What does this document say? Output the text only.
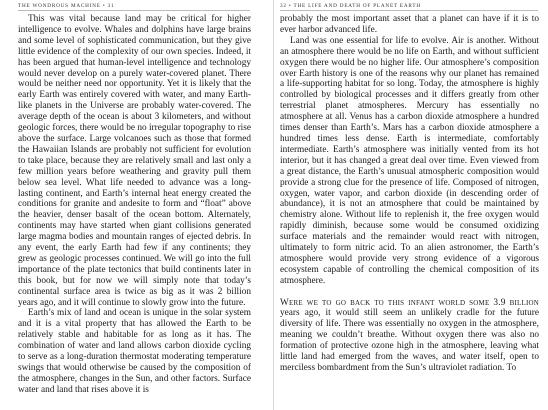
THE WONDROUS MACHINE • 31

This was vital because land may be critical for higher intelligence to evolve. Whales and dolphins have large brains and some level of sophisticated communication, but they give little evidence of the complexity of our own species. Indeed, it has been argued that human-level intelligence and technology would never develop on a purely water-covered planet. There would be neither need nor opportunity. Yet it is likely that the early Earth was entirely covered with water, and many Earth-like planets in the Universe are probably water-covered. The average depth of the ocean is about 3 kilometers, and without geologic forces, there would be no irregular topography to rise above the surface. Large volcanoes such as those that formed the Hawaiian Islands are probably not sufficient for evolution to take place, because they are relatively small and last only a few million years before weathering and gravity pull them below sea level. What life needed to advance was a long-lasting continent, and Earth’s internal heat energy created the conditions for granite and andesite to form and “float” above the heavier, denser basalt of the ocean bottom. Alternately, continents may have started when giant collisions generated large magma bodies and mountain ranges of ejected debris. In any event, the early Earth had few if any continents; they grew as geologic processes continued. We will go into the full importance of the plate tectonics that build continents later in this book, but for now we will simply note that today’s continental surface area is twice as big as it was 2 billion years ago, and it will continue to slowly grow into the future.

Earth’s mix of land and ocean is unique in the solar system and it is a vital property that has allowed the Earth to be relatively stable and habitable for as long as it has. The combination of water and land allows carbon dioxide cycling to serve as a long-duration thermostat moderating temperature swings that would otherwise be caused by the composition of the atmosphere, changes in the Sun, and other factors. Surface water and land that rises above it is

32 • THE LIFE AND DEATH OF PLANET EARTH

probably the most important asset that a planet can have if it is to ever harbor advanced life.

Land was one essential for life to evolve. Air is another. Without an atmosphere there would be no life on Earth, and without sufficient oxygen there would be no higher life. Our atmosphere’s composition over Earth history is one of the reasons why our planet has remained a life-supporting habitat for so long. Today, the atmosphere is highly controlled by biological processes and it differs greatly from other terrestrial planet atmospheres. Mercury has essentially no atmosphere at all. Venus has a carbon dioxide atmosphere a hundred times denser than Earth’s. Mars has a carbon dioxide atmosphere a hundred times less dense. Earth is intermediate, comfortably intermediate. Earth’s atmosphere was initially vented from its hot interior, but it has changed a great deal over time. Even viewed from a great distance, the Earth’s unusual atmospheric composition would provide a strong clue for the presence of life. Composed of nitrogen, oxygen, water vapor, and carbon dioxide (in descending order of abundance), it is not an atmosphere that could be maintained by chemistry alone. Without life to replenish it, the free oxygen would rapidly diminish, because some would be consumed oxidizing surface materials and the remainder would react with nitrogen, ultimately to form nitric acid. To an alien astronomer, the Earth’s atmosphere would provide very strong evidence of a vigorous ecosystem capable of controlling the chemical composition of its atmosphere.

Were we to go back to this infant world some 3.9 billion years ago, it would still seem an unlikely cradle for the future diversity of life. There was essentially no oxygen in the atmosphere, meaning we couldn’t breathe. Without oxygen there was also no formation of protective ozone high in the atmosphere, leaving what little land had emerged from the waves, and water itself, open to merciless bombardment from the Sun’s ultraviolet radiation. To
